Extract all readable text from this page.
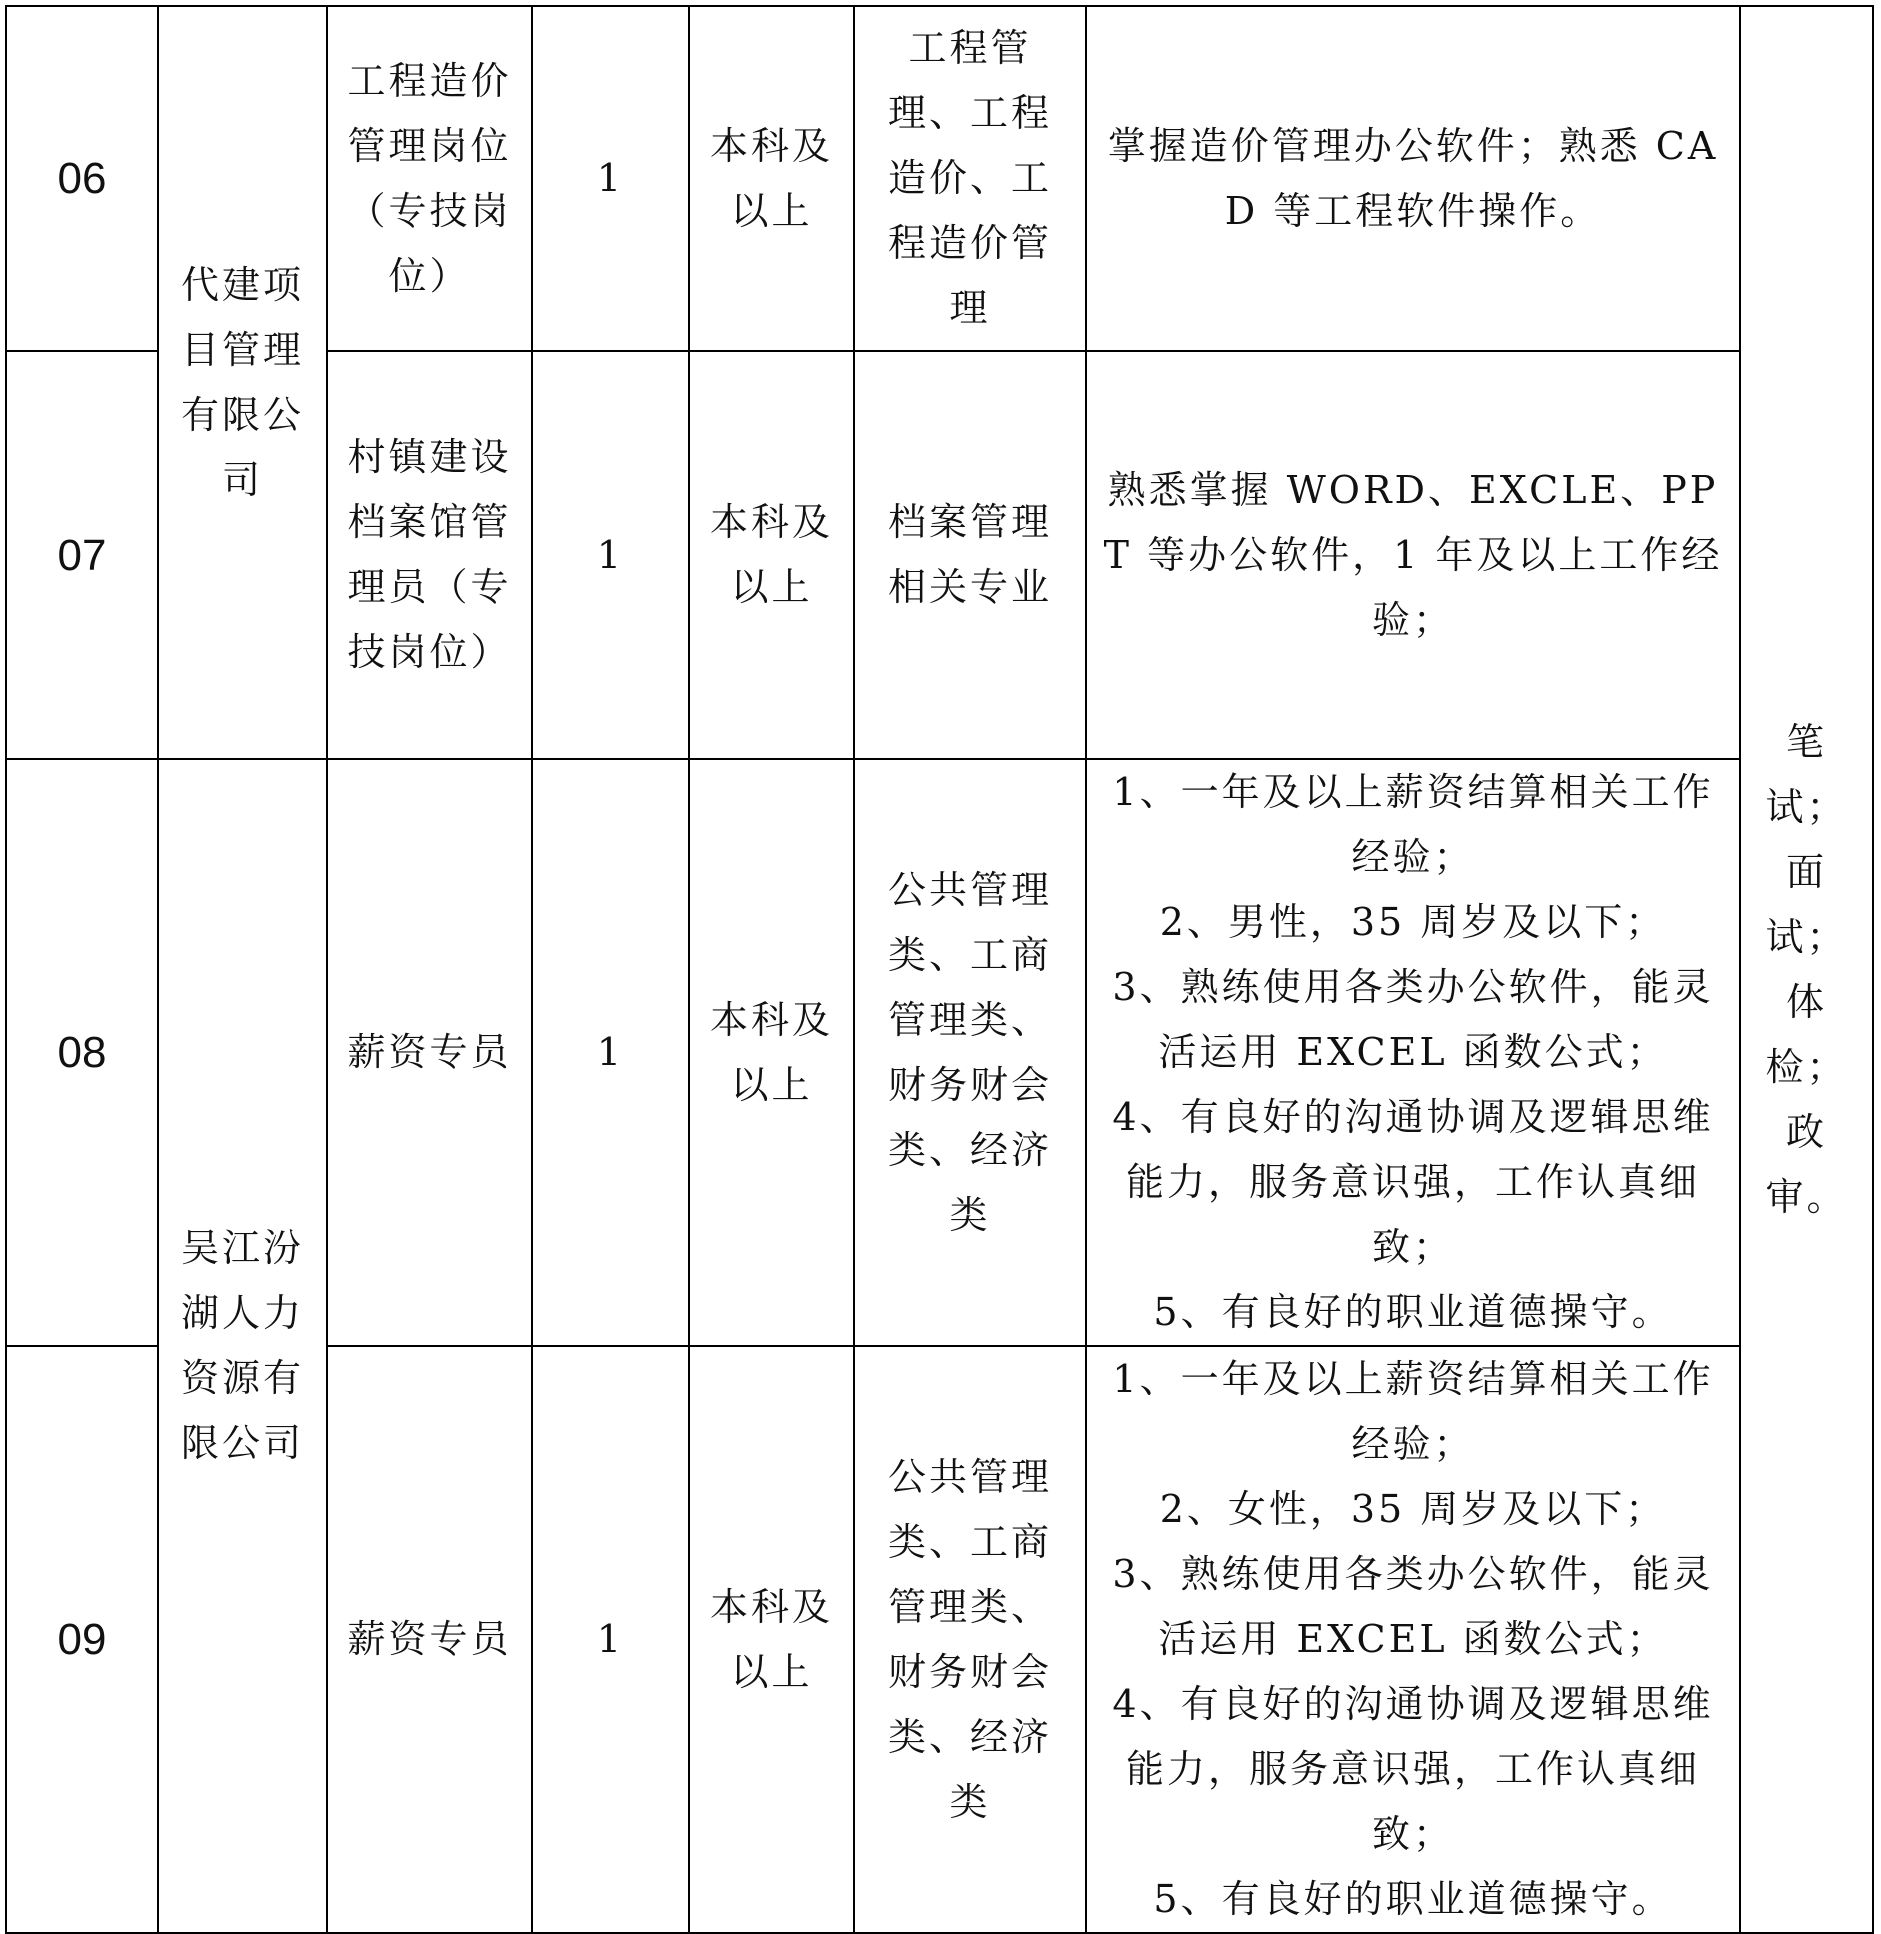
06	代建项目管理有限公司	工程造价管理岗位（专技岗位）	1	本科及以上	工程管理、工程造价、工程造价管理	掌握造价管理办公软件；熟悉 CAD 等工程软件操作。	笔试；面试；体检；政审。
07		村镇建设档案馆管理员（专技岗位）	1	本科及以上	档案管理相关专业	熟悉掌握 WORD、EXCLE、PPT 等办公软件，1 年及以上工作经验；	
08	吴江汾湖人力资源有限公司	薪资专员	1	本科及以上	公共管理类、工商管理类、财务财会类、经济类	1、一年及以上薪资结算相关工作经验；
2、男性，35 周岁及以下；
3、熟练使用各类办公软件，能灵活运用 EXCEL 函数公式；
4、有良好的沟通协调及逻辑思维能力，服务意识强，工作认真细致；
5、有良好的职业道德操守。	
09		薪资专员	1	本科及以上	公共管理类、工商管理类、财务财会类、经济类	1、一年及以上薪资结算相关工作经验；
2、女性，35 周岁及以下；
3、熟练使用各类办公软件，能灵活运用 EXCEL 函数公式；
4、有良好的沟通协调及逻辑思维能力，服务意识强，工作认真细致；
5、有良好的职业道德操守。	
